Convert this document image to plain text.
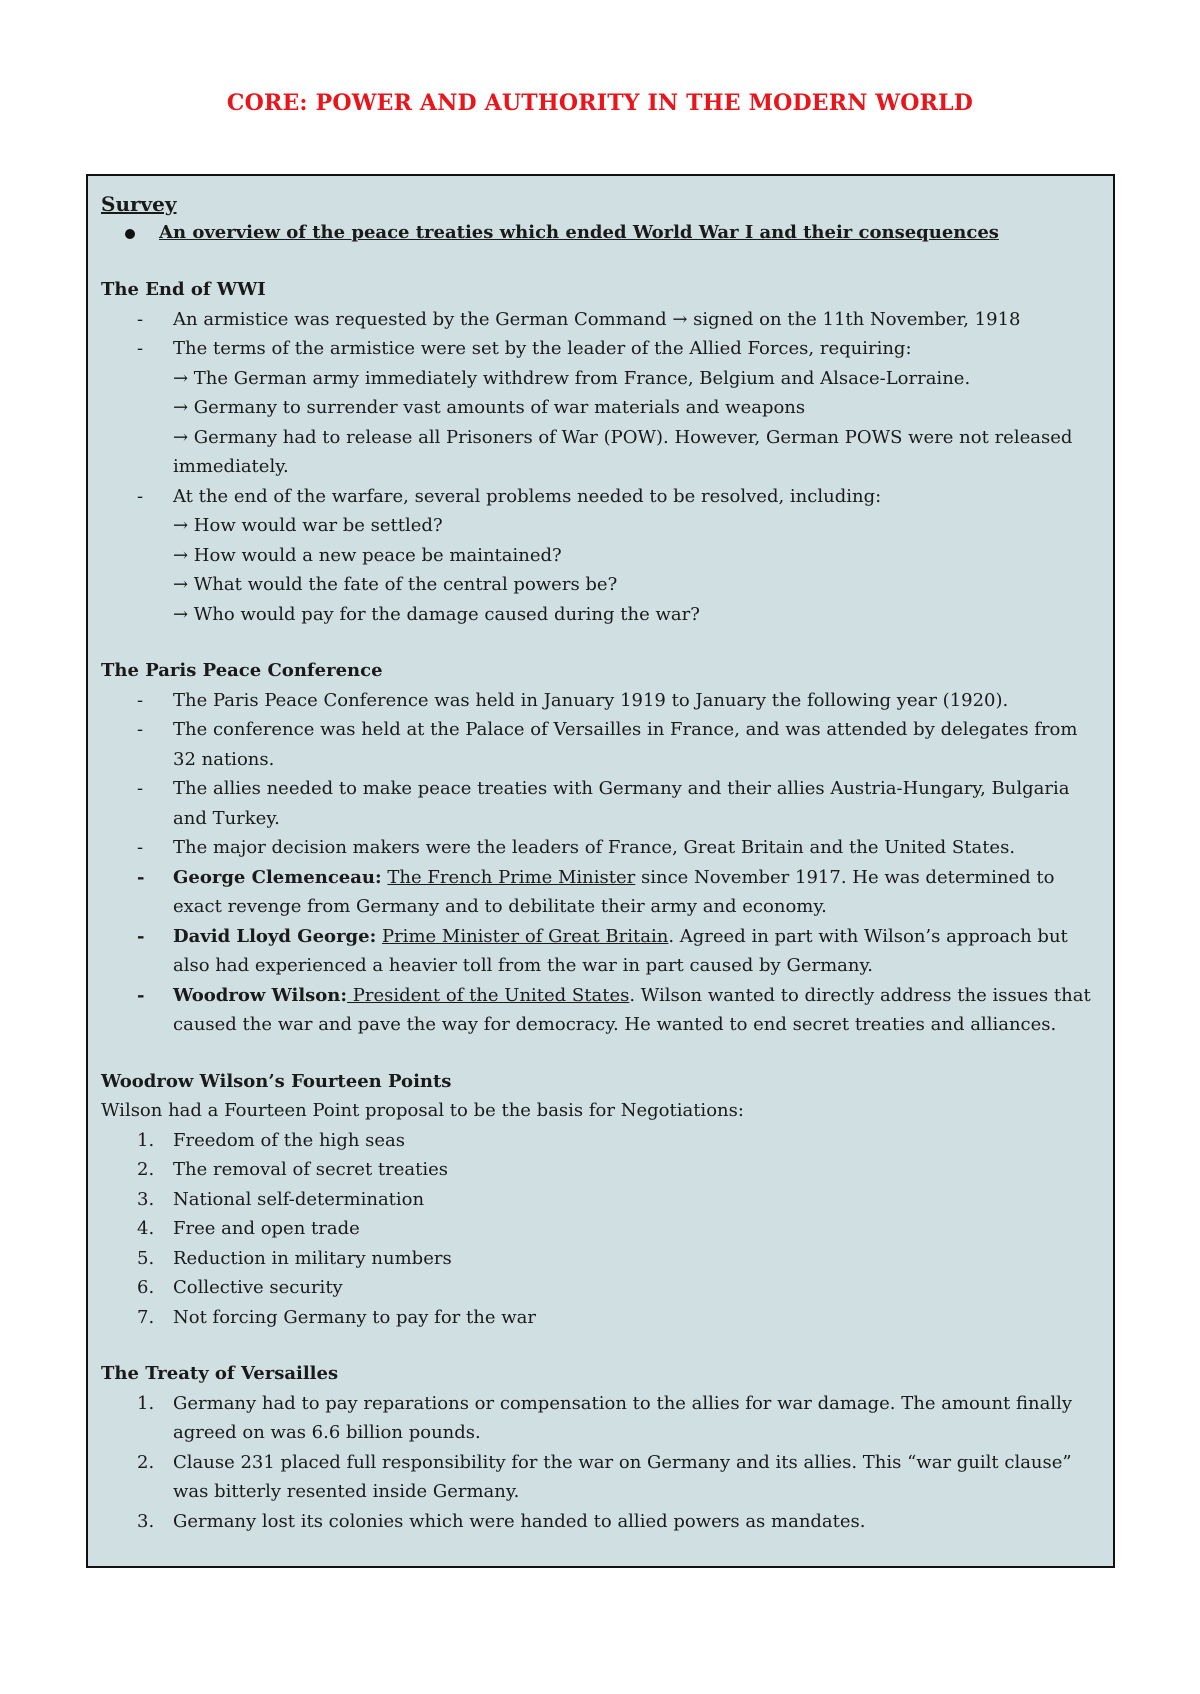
CORE: POWER AND AUTHORITY IN THE MODERN WORLD
Survey
An overview of the peace treaties which ended World War I and their consequences
The End of WWI
- An armistice was requested by the German Command → signed on the 11th November, 1918
- The terms of the armistice were set by the leader of the Allied Forces, requiring:
→ The German army immediately withdrew from France, Belgium and Alsace-Lorraine.
→ Germany to surrender vast amounts of war materials and weapons
→ Germany had to release all Prisoners of War (POW). However, German POWS were not released immediately.
- At the end of the warfare, several problems needed to be resolved, including:
→ How would war be settled?
→ How would a new peace be maintained?
→ What would the fate of the central powers be?
→ Who would pay for the damage caused during the war?
The Paris Peace Conference
- The Paris Peace Conference was held in January 1919 to January the following year (1920).
- The conference was held at the Palace of Versailles in France, and was attended by delegates from 32 nations.
- The allies needed to make peace treaties with Germany and their allies Austria-Hungary, Bulgaria and Turkey.
- The major decision makers were the leaders of France, Great Britain and the United States.
- George Clemenceau: The French Prime Minister since November 1917. He was determined to exact revenge from Germany and to debilitate their army and economy.
- David Lloyd George: Prime Minister of Great Britain. Agreed in part with Wilson’s approach but also had experienced a heavier toll from the war in part caused by Germany.
- Woodrow Wilson: President of the United States. Wilson wanted to directly address the issues that caused the war and pave the way for democracy. He wanted to end secret treaties and alliances.
Woodrow Wilson’s Fourteen Points
Wilson had a Fourteen Point proposal to be the basis for Negotiations:
1. Freedom of the high seas
2. The removal of secret treaties
3. National self-determination
4. Free and open trade
5. Reduction in military numbers
6. Collective security
7. Not forcing Germany to pay for the war
The Treaty of Versailles
1. Germany had to pay reparations or compensation to the allies for war damage. The amount finally agreed on was 6.6 billion pounds.
2. Clause 231 placed full responsibility for the war on Germany and its allies. This “war guilt clause” was bitterly resented inside Germany.
3. Germany lost its colonies which were handed to allied powers as mandates.
